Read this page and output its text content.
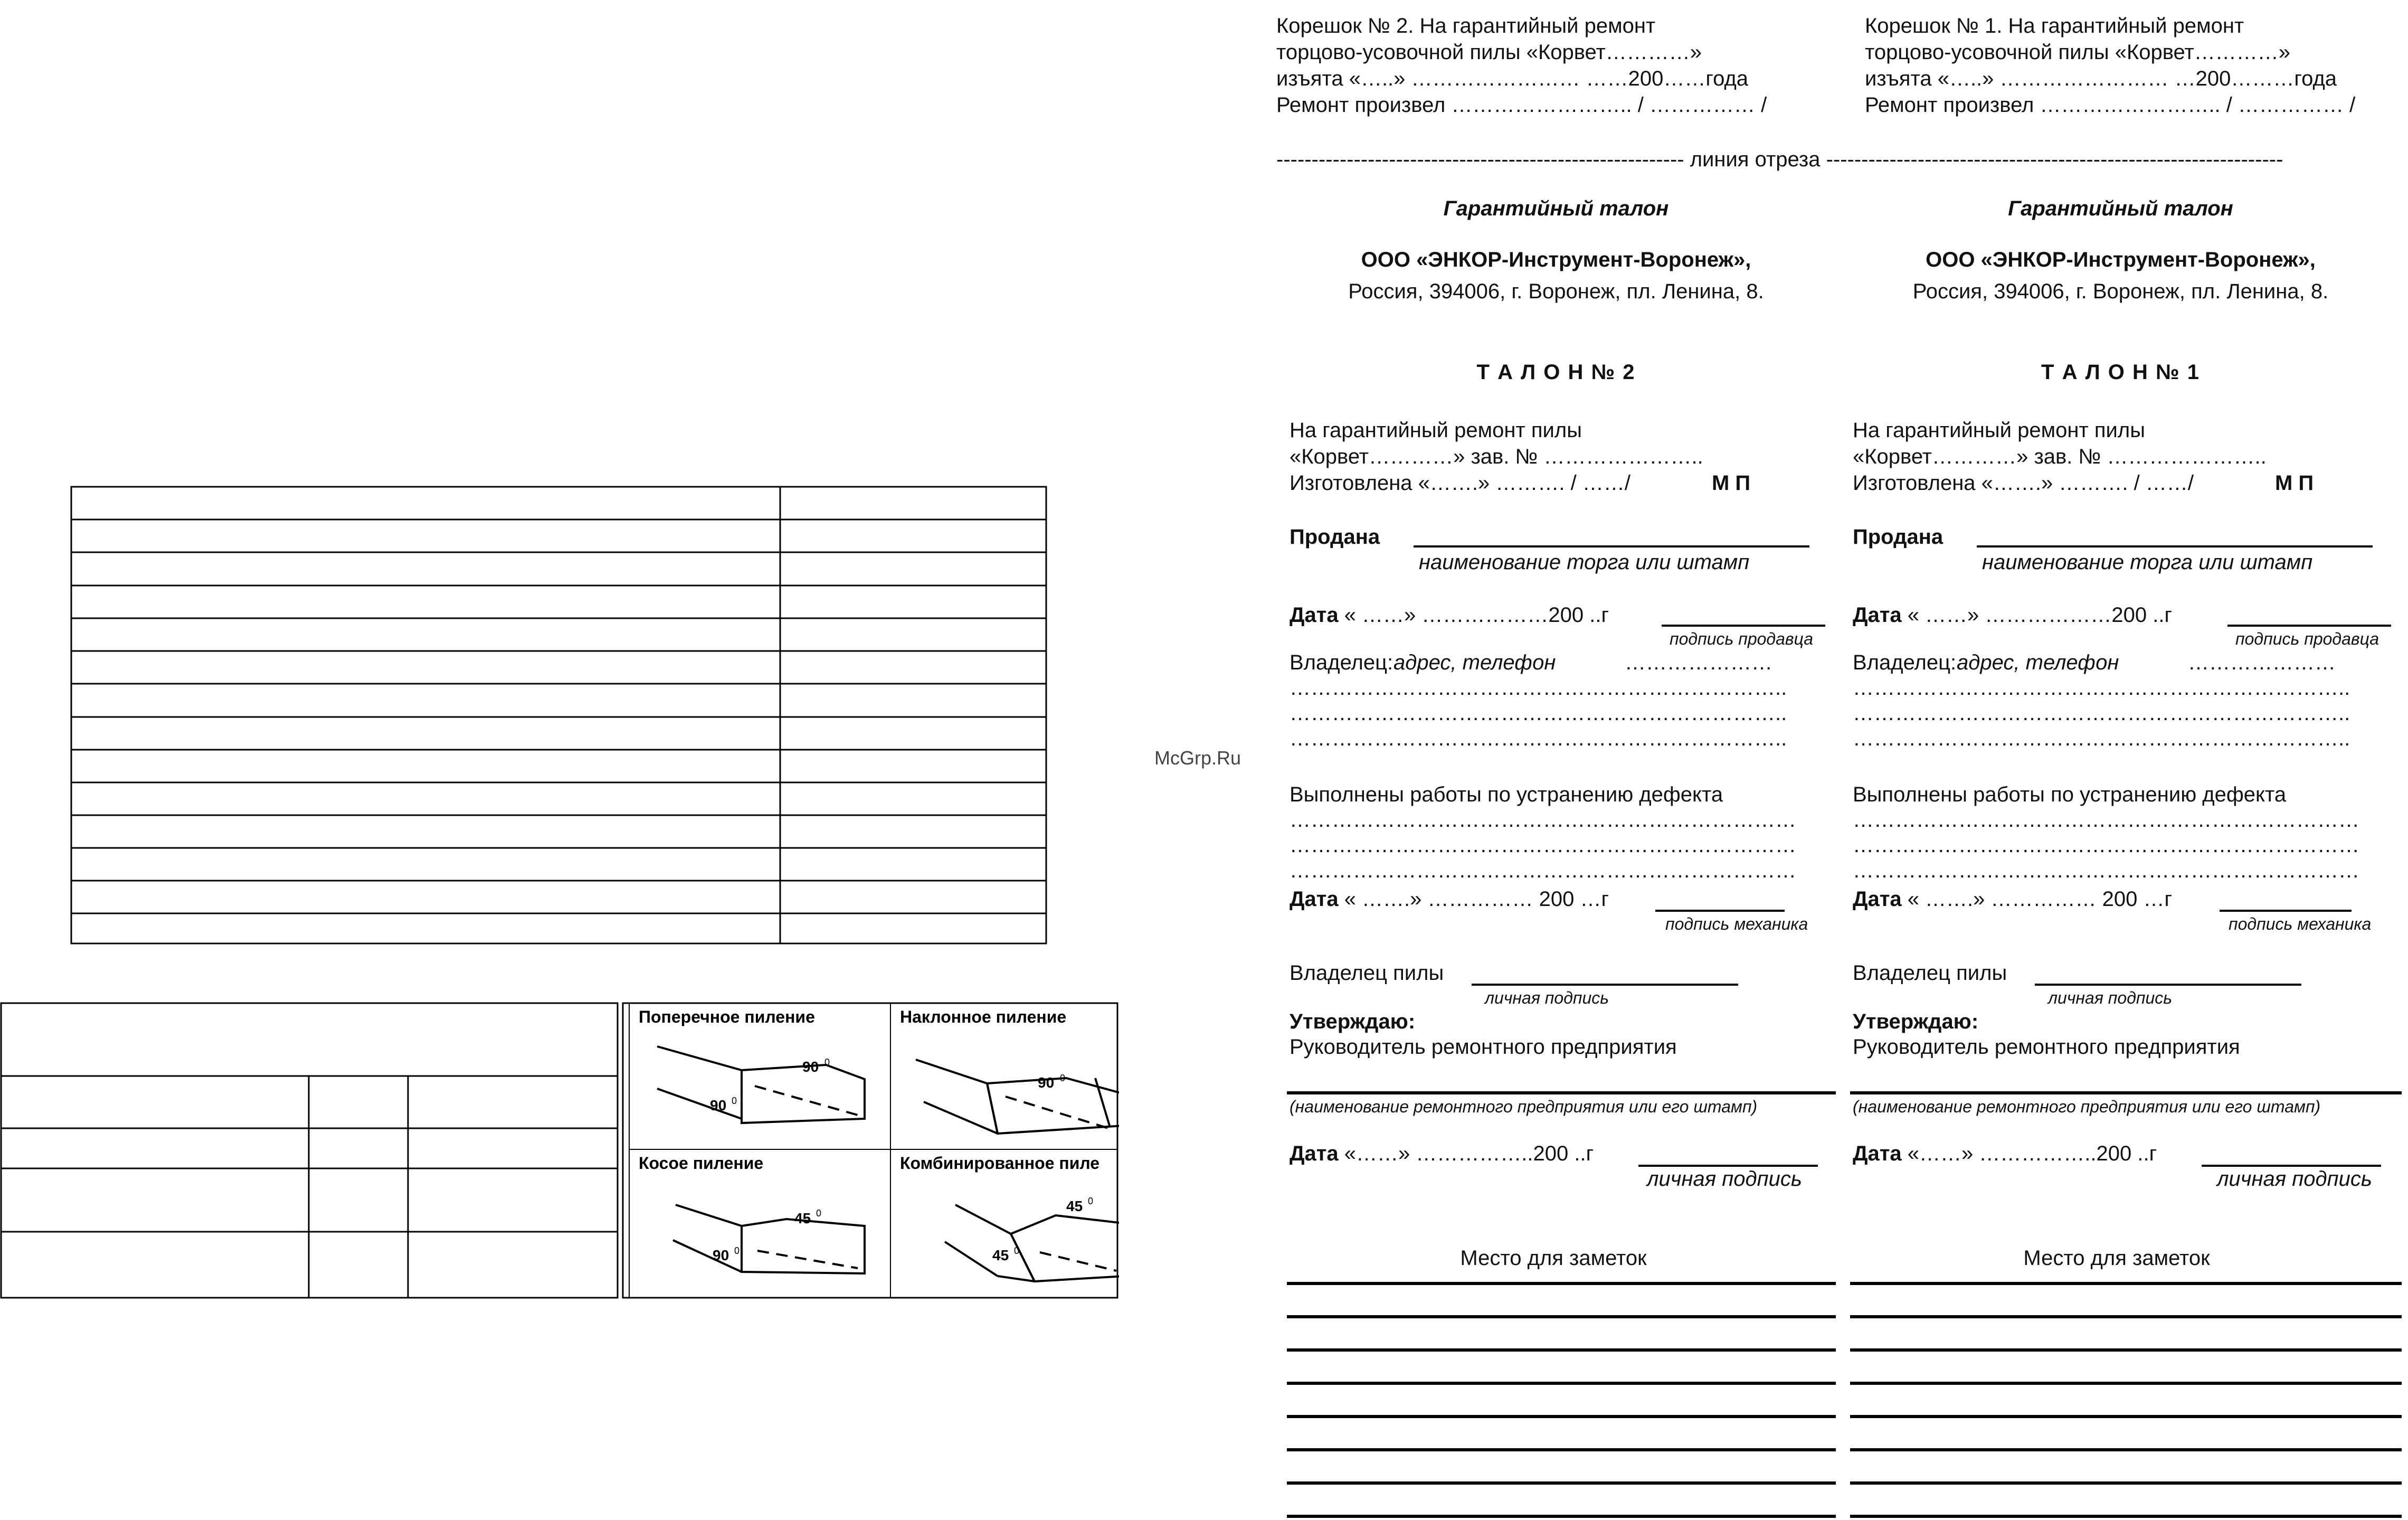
Поперечное пиление	Наклонное пиление
Косое пиление	Комбинированное пиле
90 0
90 0
90 0
45 0
90 0
45 0
45 0
McGrp.Ru
Корешок № 2. На гарантийный ремонт
торцово-усовочной пилы «Корвет…………»
изъята «…..» …………………… ……200……года
Ремонт произвел …………………….. / …………… /
Корешок № 1. На гарантийный ремонт
торцово-усовочной пилы «Корвет…………»
изъята «…..» …………………… …200………года
Ремонт произвел …………………….. / …………… /
---------------------------------------------------------- линия отреза -----------------------------------------------------------------
Гарантийный талон
ООО «ЭНКОР-Инструмент-Воронеж»,
Россия, 394006, г. Воронеж, пл. Ленина, 8.
Т А Л О Н № 2
На гарантийный ремонт пилы
«Корвет…………» зав. № …………………..
Изготовлена «…….» ………. / ……/	М П
Продана
наименование торга или штамп
Дата « ……» ………………200 ..г
подпись продавца
Владелец: адрес, телефон	…………………
……………………………………………………………..
……………………………………………………………..
……………………………………………………………..
Выполнены работы по устранению дефекта
………………………………………………………………
………………………………………………………………
………………………………………………………………
Дата « …….» …………… 200 …г
подпись механика
Владелец пилы
личная подпись
Утверждаю:
Руководитель ремонтного предприятия
(наименование ремонтного предприятия или его штамп)
Дата «……» ……………..200 ..г
личная подпись
Место для заметок
Гарантийный талон
ООО «ЭНКОР-Инструмент-Воронеж»,
Россия, 394006, г. Воронеж, пл. Ленина, 8.
Т А Л О Н № 1
На гарантийный ремонт пилы
«Корвет…………» зав. № …………………..
Изготовлена «…….» ………. / ……/	М П
Продана
наименование торга или штамп
Дата « ……» ………………200 ..г
подпись продавца
Владелец: адрес, телефон	…………………
……………………………………………………………..
……………………………………………………………..
……………………………………………………………..
Выполнены работы по устранению дефекта
………………………………………………………………
………………………………………………………………
………………………………………………………………
Дата « …….» …………… 200 …г
подпись механика
Владелец пилы
личная подпись
Утверждаю:
Руководитель ремонтного предприятия
(наименование ремонтного предприятия или его штамп)
Дата «……» ……………..200 ..г
личная подпись
Место для заметок
